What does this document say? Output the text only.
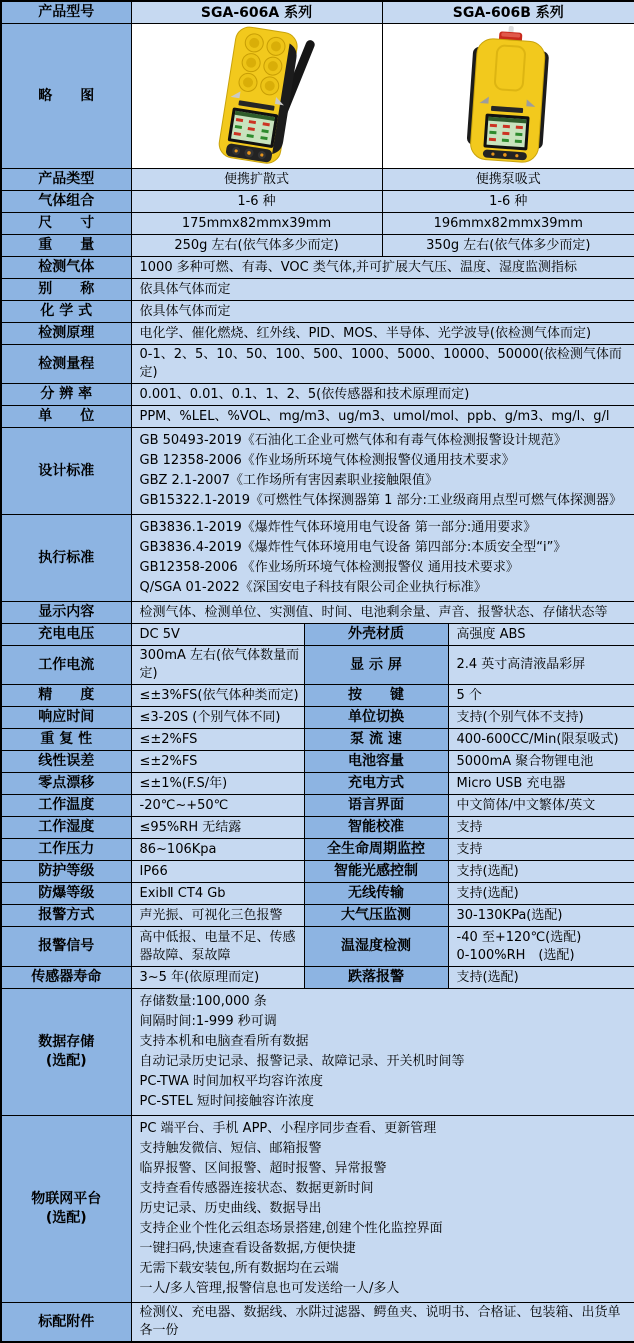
产品型号	SGA-606A 系列		SGA-606B 系列	
略　　图	

产品类型	便携扩散式		便携泵吸式	
气体组合	1-6 种		1-6 种	
尺　　寸	175mmx82mmx39mm		196mmx82mmx39mm	
重　　量	250g 左右(依气体多少而定)		350g 左右(依气体多少而定)	
检测气体	1000 多种可燃、有毒、VOC 类气体,并可扩展大气压、温度、湿度监测指标			
别　　称	依具体气体而定			
化 学 式	依具体气体而定			
检测原理	电化学、催化燃烧、红外线、PID、MOS、半导体、光学波导(依检测气体而定)			
检测量程	0-1、2、5、10、50、100、500、1000、5000、10000、50000(依检测气体而定)			
分 辨 率	0.001、0.01、0.1、1、2、5(依传感器和技术原理而定)			
单　　位	PPM、%LEL、%VOL、mg/m3、ug/m3、umol/mol、ppb、g/m3、mg/l、g/l			
设计标准	GB 50493-2019《石油化工企业可燃气体和有毒气体检测报警设计规范》
GB 12358-2006《作业场所环境气体检测报警仪通用技术要求》
GBZ 2.1-2007《工作场所有害因素职业接触限值》
GB15322.1-2019《可燃性气体探测器第 1 部分:工业级商用点型可燃气体探测器》			

执行标准	GB3836.1-2019《爆炸性气体环境用电气设备 第一部分:通用要求》
GB3836.4-2019《爆炸性气体环境用电气设备 第四部分:本质安全型“i”》
GB12358-2006 《作业场所环境气体检测报警仪 通用技术要求》
Q/SGA 01-2022《深国安电子科技有限公司企业执行标准》			

显示内容	检测气体、检测单位、实测值、时间、电池剩余量、声音、报警状态、存储状态等			
充电电压	DC 5V	外壳材质		高强度 ABS
工作电流	300mA 左右(依气体数量而定)	显 示 屏		2.4 英寸高清液晶彩屏
精　　度	≤±3%FS(依气体种类而定)	按　　键		5 个
响应时间	≤3-20S (个别气体不同)	单位切换		支持(个别气体不支持)
重 复 性	≤±2%FS	泵 流 速		400-600CC/Min(限泵吸式)
线性误差	≤±2%FS	电池容量		5000mA 聚合物锂电池
零点漂移	≤±1%(F.S/年)	充电方式		Micro USB 充电器
工作温度	-20℃~+50℃	语言界面		中文简体/中文繁体/英文
工作湿度	≤95%RH 无结露	智能校准		支持
工作压力	86~106Kpa	全生命周期监控		支持
防护等级	IP66	智能光感控制		支持(选配)
防爆等级	ExibⅡ CT4 Gb	无线传输		支持(选配)
报警方式	声光振、可视化三色报警	大气压监测		30-130KPa(选配)
报警信号	高中低报、电量不足、传感器故障、泵故障	温湿度检测		-40 至+120℃(选配)
0-100%RH　(选配)

传感器寿命	3~5 年(依原理而定)	跌落报警		支持(选配)

数据存储
(选配)

存储数量:100,000 条
间隔时间:1-999 秒可调
支持本机和电脑查看所有数据
自动记录历史记录、报警记录、故障记录、开关机时间等
PC-TWA 时间加权平均容许浓度
PC-STEL 短时间接触容许浓度

物联网平台
(选配)

PC 端平台、手机 APP、小程序同步查看、更新管理
支持触发微信、短信、邮箱报警
临界报警、区间报警、超时报警、异常报警
支持查看传感器连接状态、数据更新时间
历史记录、历史曲线、数据导出
支持企业个性化云组态场景搭建,创建个性化监控界面
一键扫码,快速查看设备数据,方便快捷
无需下载安装包,所有数据均在云端
一人/多人管理,报警信息也可发送给一人/多人

标配附件	检测仪、充电器、数据线、水阱过滤器、鳄鱼夹、说明书、合格证、包装箱、出货单各一份			
